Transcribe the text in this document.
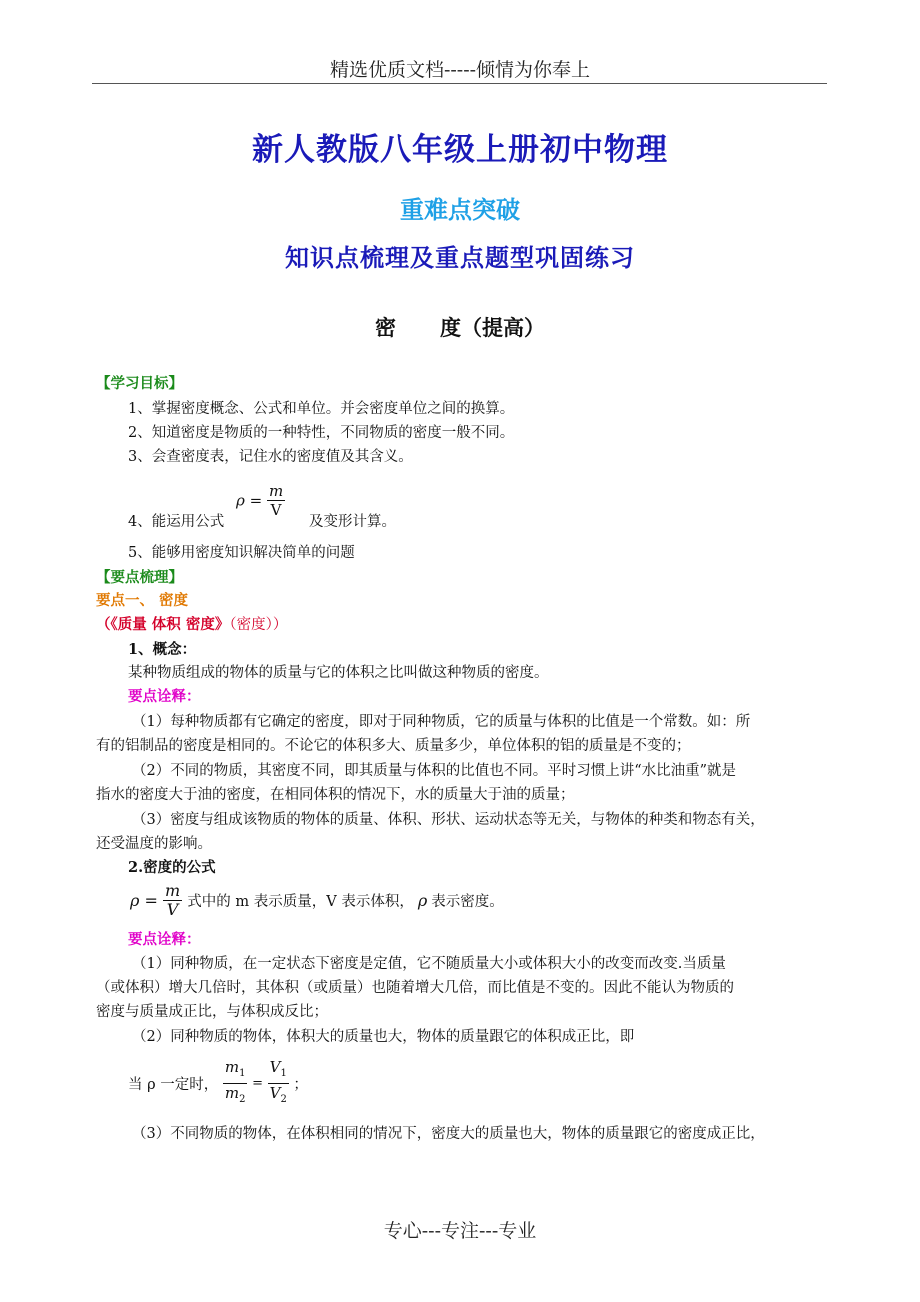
精选优质文档-----倾情为你奉上
新人教版八年级上册初中物理
重难点突破
知识点梳理及重点题型巩固练习
密 度（提高）
【学习目标】
1、掌握密度概念、公式和单位。并会密度单位之间的换算。
2、知道密度是物质的一种特性，不同物质的密度一般不同。
3、会查密度表，记住水的密度值及其含义。
4、能运用公式
$\rho = \frac{m}{V}$
及变形计算。
5、能够用密度知识解决简单的问题
【要点梳理】
要点一、 密度
（《质量 体积 密度》（密度））
1、概念：
某种物质组成的物体的质量与它的体积之比叫做这种物质的密度。
要点诠释：
（1）每种物质都有它确定的密度，即对于同种物质，它的质量与体积的比值是一个常数。如：所
有的铝制品的密度是相同的。不论它的体积多大、质量多少，单位体积的铝的质量是不变的；
（2）不同的物质，其密度不同，即其质量与体积的比值也不同。平时习惯上讲“水比油重”就是
指水的密度大于油的密度，在相同体积的情况下，水的质量大于油的质量；
（3）密度与组成该物质的物体的质量、体积、形状、运动状态等无关，与物体的种类和物态有关，
还受温度的影响。
2.密度的公式
$\rho = \frac{m}{V}$ 式中的 m 表示质量，V 表示体积， ρ 表示密度。
要点诠释：
（1）同种物质，在一定状态下密度是定值，它不随质量大小或体积大小的改变而改变.当质量
（或体积）增大几倍时，其体积（或质量）也随着增大几倍，而比值是不变的。因此不能认为物质的
密度与质量成正比，与体积成反比；
（2）同种物质的物体，体积大的质量也大，物体的质量跟它的体积成正比，即
当 ρ 一定时， $\frac{m_1}{m_2} = \frac{V_1}{V_2}$ ；
（3）不同物质的物体，在体积相同的情况下，密度大的质量也大，物体的质量跟它的密度成正比，
专心---专注---专业
